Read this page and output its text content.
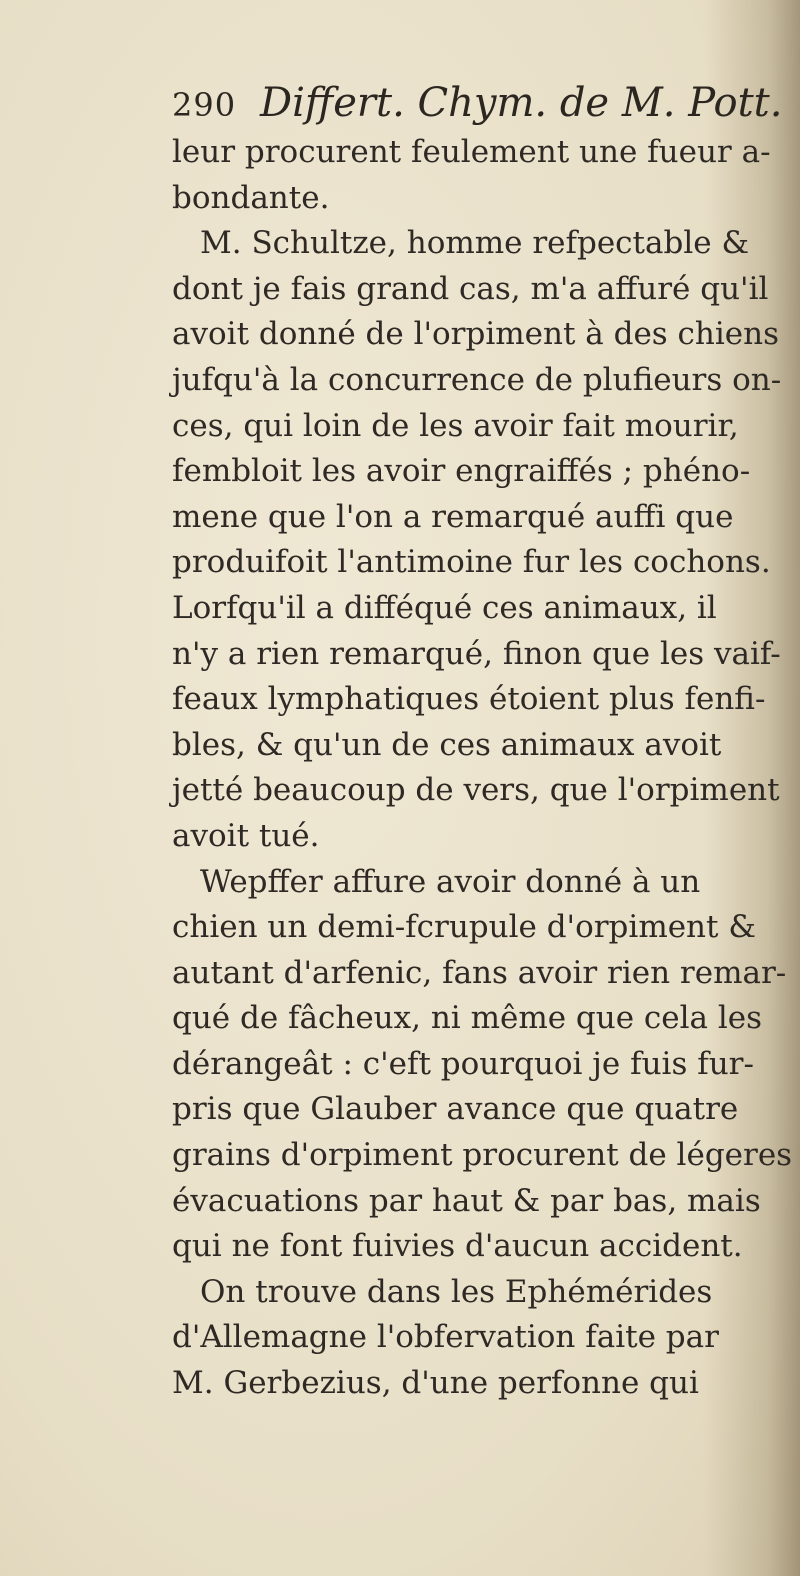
290 Differt. Chym. de M. Pott.
leur procurent feulement une fueur a-
bondante.
M. Schultze, homme refpectable &
dont je fais grand cas, m'a affuré qu'il
avoit donné de l'orpiment à des chiens
jufqu'à la concurrence de plufieurs on-
ces, qui loin de les avoir fait mourir,
fembloit les avoir engraiffés ; phéno-
mene que l'on a remarqué auffi que
produifoit l'antimoine fur les cochons.
Lorfqu'il a difféqué ces animaux, il
n'y a rien remarqué, finon que les vaif-
feaux lymphatiques étoient plus fenfi-
bles, & qu'un de ces animaux avoit
jetté beaucoup de vers, que l'orpiment
avoit tué.
Wepffer affure avoir donné à un
chien un demi-fcrupule d'orpiment &
autant d'arfenic, fans avoir rien remar-
qué de fâcheux, ni même que cela les
dérangeât : c'eft pourquoi je fuis fur-
pris que Glauber avance que quatre
grains d'orpiment procurent de légeres
évacuations par haut & par bas, mais
qui ne font fuivies d'aucun accident.
On trouve dans les Ephémérides
d'Allemagne l'obfervation faite par
M. Gerbezius, d'une perfonne qui
